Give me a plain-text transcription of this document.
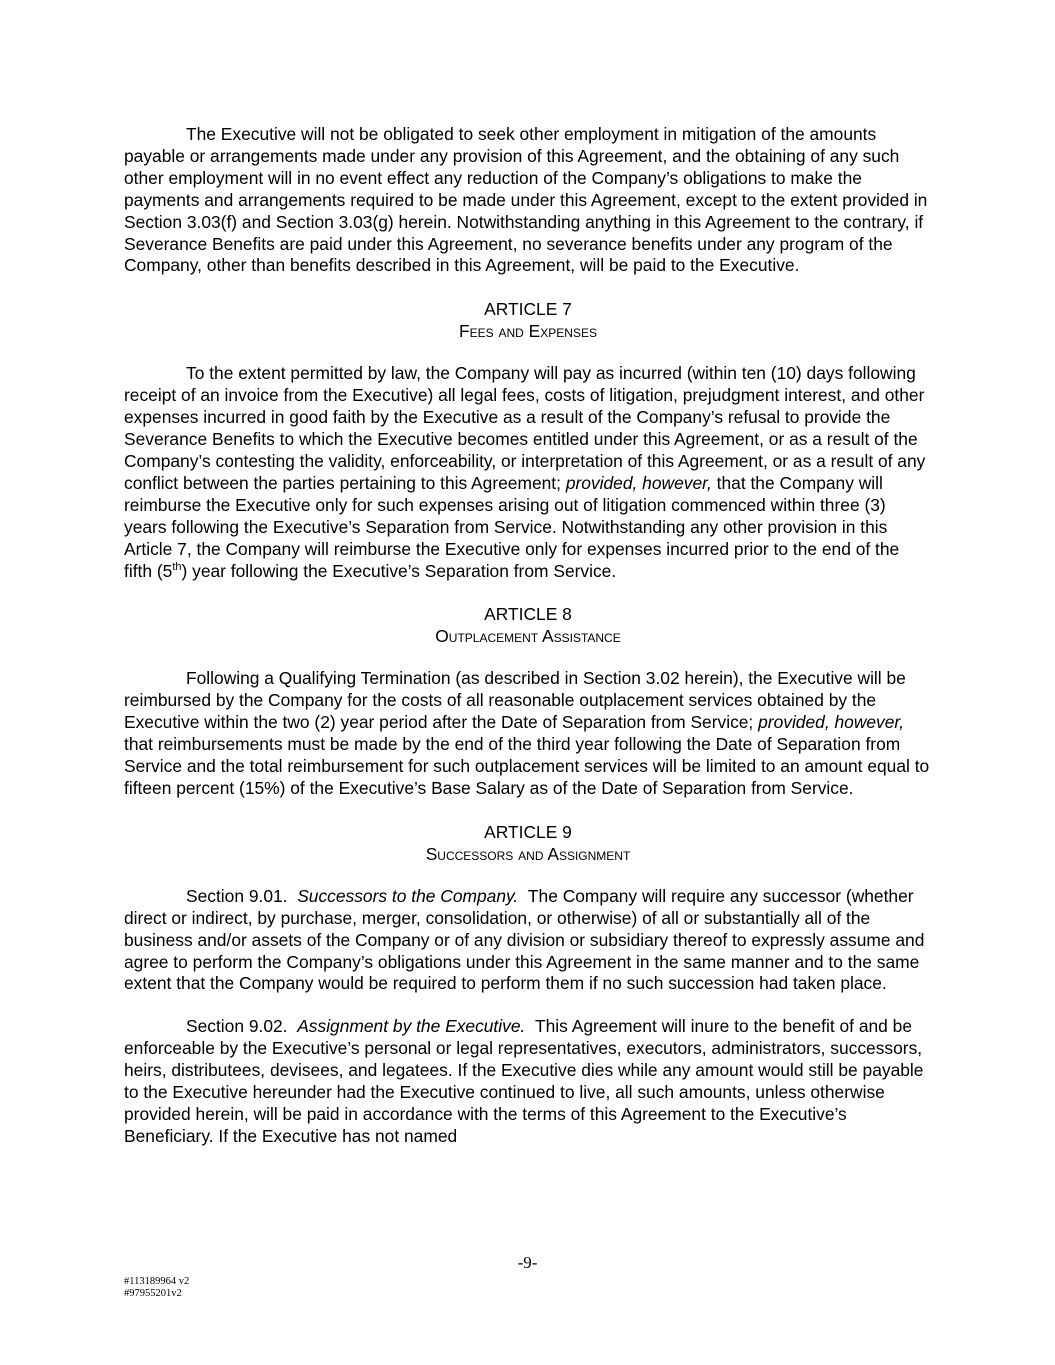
The Executive will not be obligated to seek other employment in mitigation of the amounts payable or arrangements made under any provision of this Agreement, and the obtaining of any such other employment will in no event effect any reduction of the Company’s obligations to make the payments and arrangements required to be made under this Agreement, except to the extent provided in Section 3.03(f) and Section 3.03(g) herein. Notwithstanding anything in this Agreement to the contrary, if Severance Benefits are paid under this Agreement, no severance benefits under any program of the Company, other than benefits described in this Agreement, will be paid to the Executive.

ARTICLE 7
Fees and Expenses

To the extent permitted by law, the Company will pay as incurred (within ten (10) days following receipt of an invoice from the Executive) all legal fees, costs of litigation, prejudgment interest, and other expenses incurred in good faith by the Executive as a result of the Company’s refusal to provide the Severance Benefits to which the Executive becomes entitled under this Agreement, or as a result of the Company’s contesting the validity, enforceability, or interpretation of this Agreement, or as a result of any conflict between the parties pertaining to this Agreement; provided, however, that the Company will reimburse the Executive only for such expenses arising out of litigation commenced within three (3) years following the Executive’s Separation from Service. Notwithstanding any other provision in this Article 7, the Company will reimburse the Executive only for expenses incurred prior to the end of the fifth (5th) year following the Executive’s Separation from Service.

ARTICLE 8
Outplacement Assistance

Following a Qualifying Termination (as described in Section 3.02 herein), the Executive will be reimbursed by the Company for the costs of all reasonable outplacement services obtained by the Executive within the two (2) year period after the Date of Separation from Service; provided, however, that reimbursements must be made by the end of the third year following the Date of Separation from Service and the total reimbursement for such outplacement services will be limited to an amount equal to fifteen percent (15%) of the Executive’s Base Salary as of the Date of Separation from Service.

ARTICLE 9
Successors and Assignment

Section 9.01. Successors to the Company. The Company will require any successor (whether direct or indirect, by purchase, merger, consolidation, or otherwise) of all or substantially all of the business and/or assets of the Company or of any division or subsidiary thereof to expressly assume and agree to perform the Company’s obligations under this Agreement in the same manner and to the same extent that the Company would be required to perform them if no such succession had taken place.

Section 9.02. Assignment by the Executive. This Agreement will inure to the benefit of and be enforceable by the Executive’s personal or legal representatives, executors, administrators, successors, heirs, distributees, devisees, and legatees. If the Executive dies while any amount would still be payable to the Executive hereunder had the Executive continued to live, all such amounts, unless otherwise provided herein, will be paid in accordance with the terms of this Agreement to the Executive’s Beneficiary. If the Executive has not named

-9-
#113189964 v2
#97955201v2
